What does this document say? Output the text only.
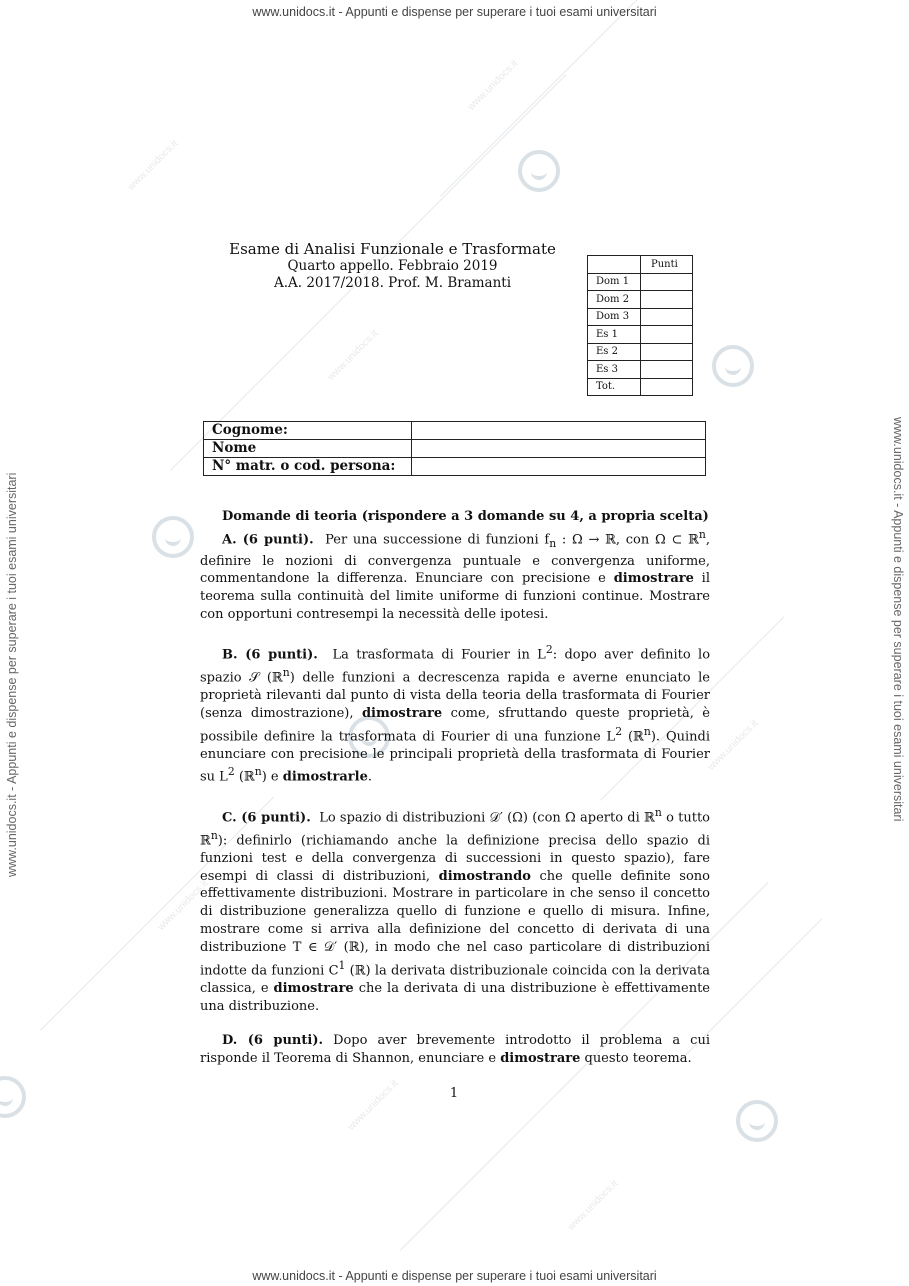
www.unidocs.it
www.unidocs.it
www.unidocs.it
www.unidocs.it
www.unidocs.it
www.unidocs.it
www.unidocs.it
www.unidocs.it - Appunti e dispense per superare i tuoi esami universitari
www.unidocs.it - Appunti e dispense per superare i tuoi esami universitari
www.unidocs.it - Appunti e dispense per superare i tuoi esami universitari	www.unidocs.it - Appunti e dispense per superare i tuoi esami universitari
Esame di Analisi Funzionale e Trasformate
Quarto appello. Febbraio 2019
A.A. 2017/2018. Prof. M. Bramanti
	Punti
Dom 1	
Dom 2	
Dom 3	
Es 1	
Es 2	
Es 3	
Tot.	
Cognome:	
Nome	
N° matr. o cod. persona:	
Domande di teoria (rispondere a 3 domande su 4, a propria scelta)

A. (6 punti). Per una successione di funzioni $f_n$ : Ω → ℝ, con Ω ⊂ ℝ$^n$, definire le nozioni di convergenza puntuale e convergenza uniforme, commentandone la differenza. Enunciare con precisione e dimostrare il teorema sulla continuità del limite uniforme di funzioni continue. Mostrare con opportuni contresempi la necessità delle ipotesi.

B. (6 punti). La trasformata di Fourier in $L^2$: dopo aver definito lo spazio 𝒮 (ℝ$^n$) delle funzioni a decrescenza rapida e averne enunciato le proprietà rilevanti dal punto di vista della teoria della trasformata di Fourier (senza dimostrazione), dimostrare come, sfruttando queste proprietà, è possibile definire la trasformata di Fourier di una funzione $L^2$ (ℝ$^n$). Quindi enunciare con precisione le principali proprietà della trasformata di Fourier su $L^2$ (ℝ$^n$) e dimostrarle.

C. (6 punti). Lo spazio di distribuzioni 𝒟′ (Ω) (con Ω aperto di ℝ$^n$ o tutto ℝ$^n$): definirlo (richiamando anche la definizione precisa dello spazio di funzioni test e della convergenza di successioni in questo spazio), fare esempi di classi di distribuzioni, dimostrando che quelle definite sono effettivamente distribuzioni. Mostrare in particolare in che senso il concetto di distribuzione generalizza quello di funzione e quello di misura. Infine, mostrare come si arriva alla definizione del concetto di derivata di una distribuzione T ∈ 𝒟′ (ℝ), in modo che nel caso particolare di distribuzioni indotte da funzioni $C^1$ (ℝ) la derivata distribuzionale coincida con la derivata classica, e dimostrare che la derivata di una distribuzione è effettivamente una distribuzione.

D. (6 punti). Dopo aver brevemente introdotto il problema a cui risponde il Teorema di Shannon, enunciare e dimostrare questo teorema.

1
